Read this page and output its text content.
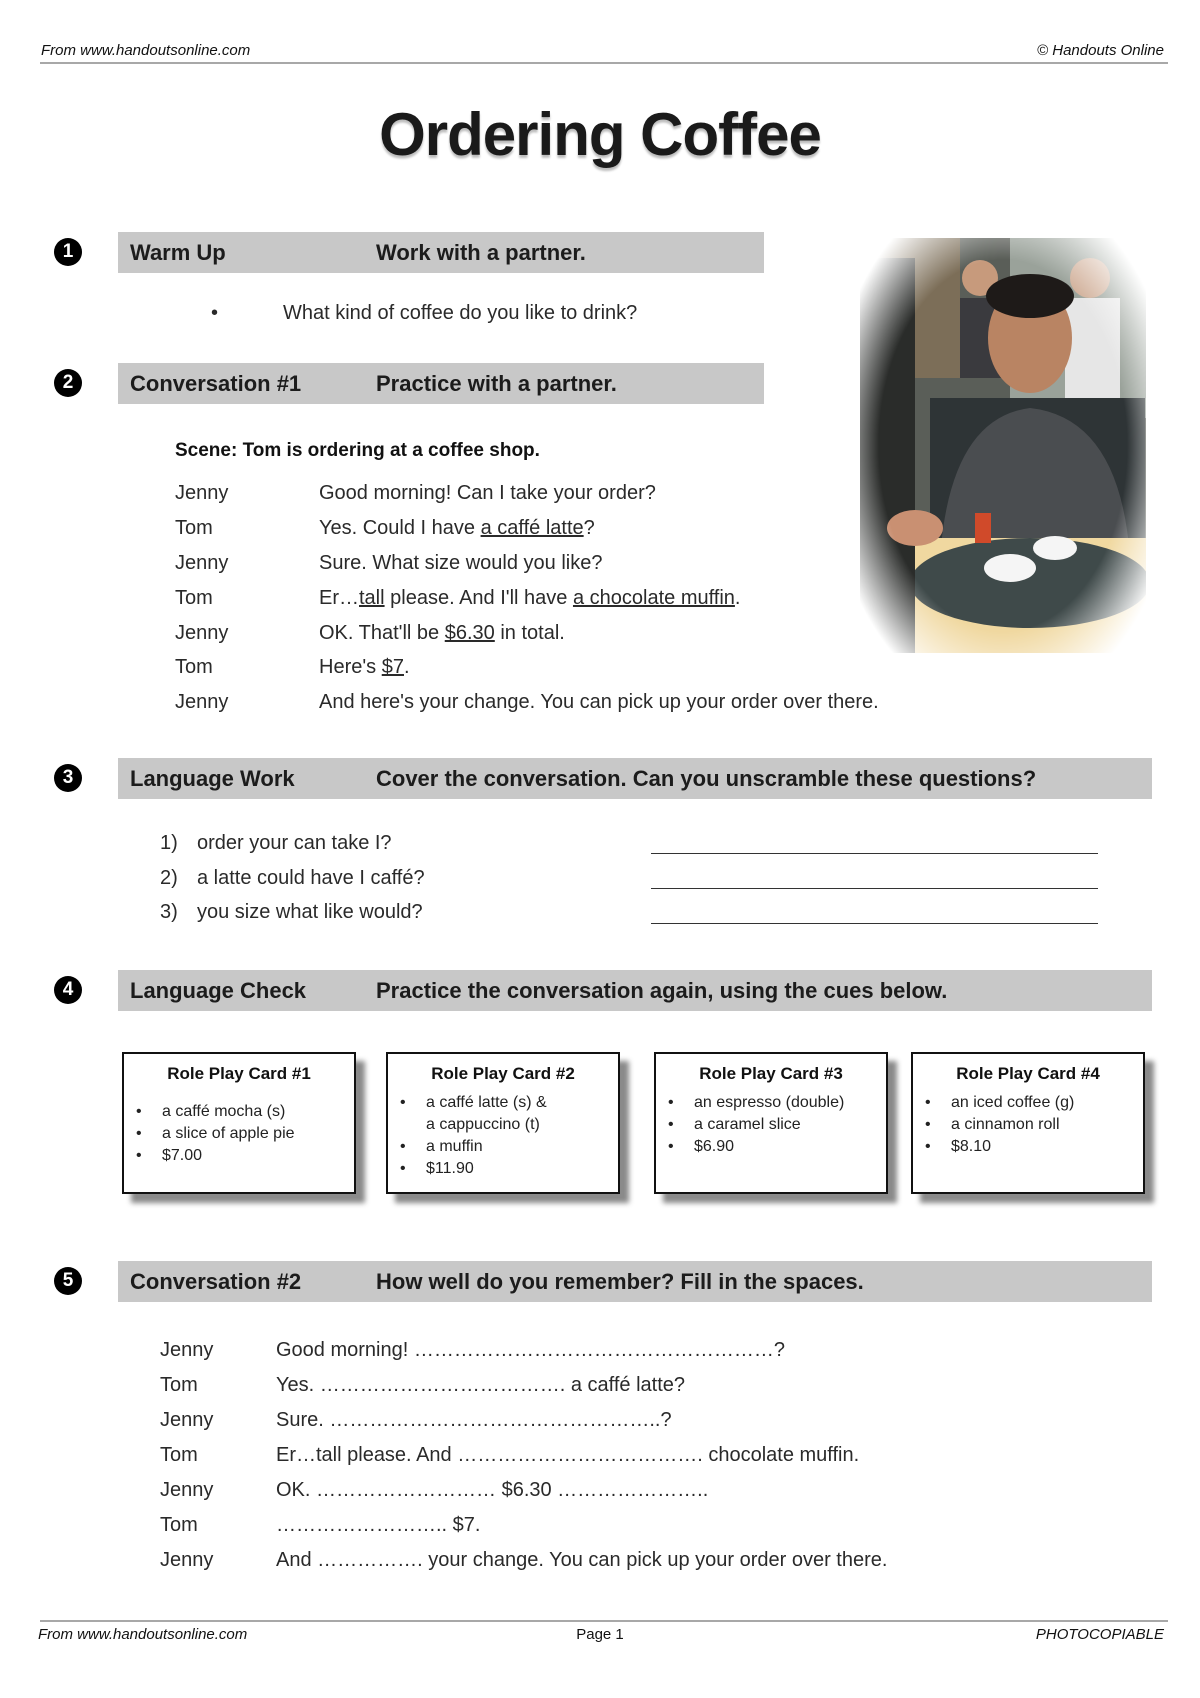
From www.handoutsonline.com	© Handouts Online
Ordering Coffee
1	Warm Up	Work with a partner.
•	What kind of coffee do you like to drink?
2	Conversation #1	Practice with a partner.
Scene: Tom is ordering at a coffee shop.
Jenny	Good morning! Can I take your order?
Tom	Yes. Could I have a caffé latte?
Jenny	Sure. What size would you like?
Tom	Er…tall please. And I'll have a chocolate muffin.
Jenny	OK. That'll be $6.30 in total.
Tom	Here's $7.
Jenny	And here's your change. You can pick up your order over there.
3	Language Work	Cover the conversation. Can you unscramble these questions?
1) order your can take I?
2) a latte could have I caffé?
3) you size what like would?
4	Language Check	Practice the conversation again, using the cues below.
Role Play Card #1
• a caffé mocha (s)
• a slice of apple pie
• $7.00
Role Play Card #2
• a caffé latte (s) &
a cappuccino (t)
• a muffin
• $11.90
Role Play Card #3
• an espresso (double)
• a caramel slice
• $6.90
Role Play Card #4
• an iced coffee (g)
• a cinnamon roll
• $8.10
5	Conversation #2	How well do you remember? Fill in the spaces.
Jenny	Good morning! ………………………………………………?
Tom	Yes. ………………………………. a caffé latte?
Jenny	Sure. …………………………………………..?
Tom	Er…tall please. And ………………………………. chocolate muffin.
Jenny	OK. ……………………… $6.30 …………………..
Tom	…………………….. $7.
Jenny	And ……………. your change. You can pick up your order over there.
From www.handoutsonline.com	Page 1	PHOTOCOPIABLE
